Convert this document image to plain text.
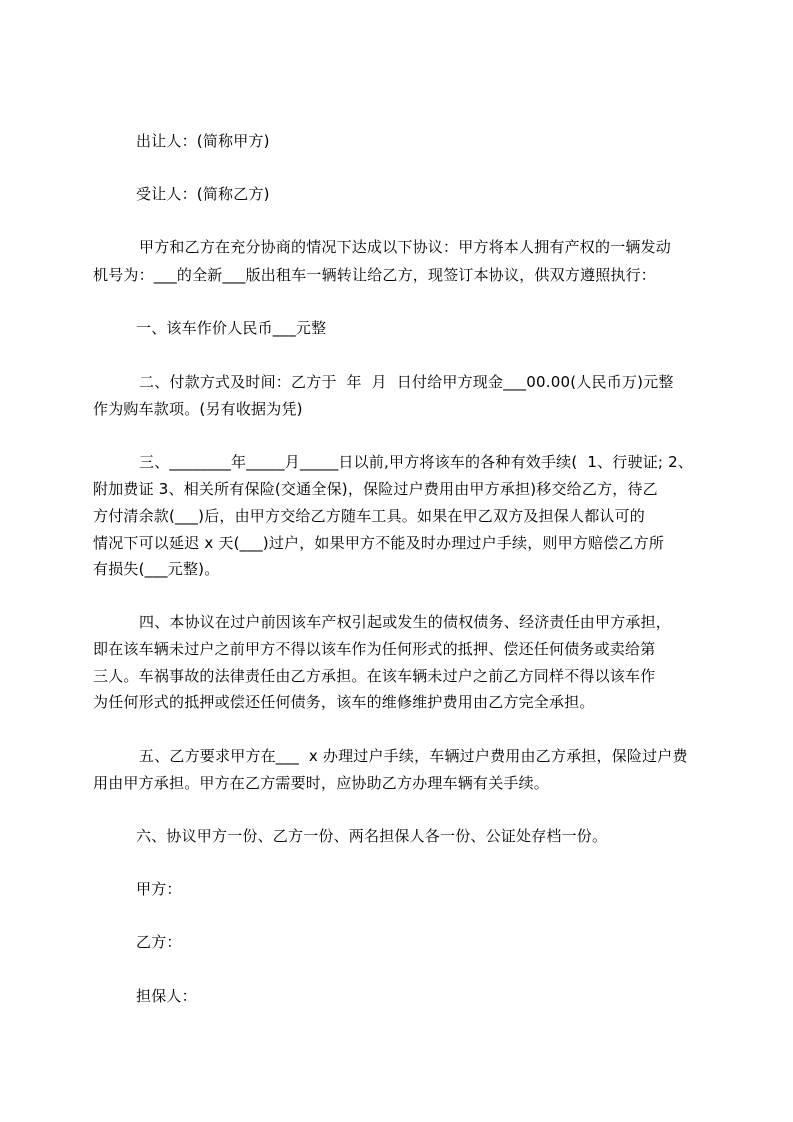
出让人：(简称甲方)
受让人：(简称乙方)
甲方和乙方在充分协商的情况下达成以下协议：甲方将本人拥有产权的一辆发动
机号为：___的全新___版出租车一辆转让给乙方，现签订本协议，供双方遵照执行：
一、该车作价人民币___元整
二、付款方式及时间：乙方于  年  月  日付给甲方现金___00.00(人民币万)元整
作为购车款项。(另有收据为凭)
三、________年_____月_____日以前,甲方将该车的各种有效手续(  1、行驶证; 2、
附加费证 3、相关所有保险(交通全保)，保险过户费用由甲方承担)移交给乙方，待乙
方付清余款(___)后，由甲方交给乙方随车工具。如果在甲乙双方及担保人都认可的
情况下可以延迟 x 天(___)过户，如果甲方不能及时办理过户手续，则甲方赔偿乙方所
有损失(___元整)。
四、本协议在过户前因该车产权引起或发生的债权债务、经济责任由甲方承担，
即在该车辆未过户之前甲方不得以该车作为任何形式的抵押、偿还任何债务或卖给第
三人。车祸事故的法律责任由乙方承担。在该车辆未过户之前乙方同样不得以该车作
为任何形式的抵押或偿还任何债务，该车的维修维护费用由乙方完全承担。
五、乙方要求甲方在___  x 办理过户手续，车辆过户费用由乙方承担，保险过户费
用由甲方承担。甲方在乙方需要时，应协助乙方办理车辆有关手续。
六、协议甲方一份、乙方一份、两名担保人各一份、公证处存档一份。
甲方：
乙方：
担保人：
